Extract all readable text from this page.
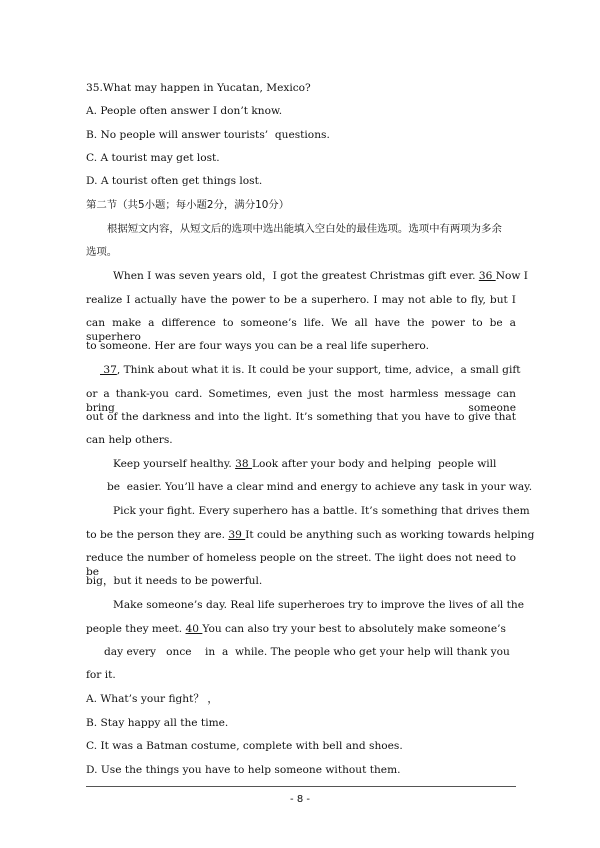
35.What may happen in Yucatan, Mexico?
A. People often answer I don’t know.
B. No people will answer tourists’  questions.
C. A tourist may get lost.
D. A tourist often get things lost.
第二节（共5小题；每小题2分，满分10分）
根据短文内容，从短文后的选项中选出能填入空白处的最佳选项。选项中有两项为多余
选项。
When I was seven years old，I got the greatest Christmas gift ever. 36 Now I
realize I actually have the power to be a superhero. I may not able to fly, but I
can make a difference to someone’s life. We all have the power to be a superhero
to someone. Her are four ways you can be a real life superhero.
37, Think about what it is. It could be your support, time, advice，a small gift
or a thank-you card. Sometimes, even just the most harmless message can bring someone
out of the darkness and into the light. It’s something that you have to give that
can help others.
Keep yourself healthy. 38 Look after your body and helping  people will
be  easier. You’ll have a clear mind and energy to achieve any task in your way.
Pick your fight. Every superhero has a battle. It’s something that drives them
to be the person they are. 39 It could be anything such as working towards helping
reduce the number of homeless people on the street. The iight does not need to be
big，but it needs to be powerful.
Make someone’s day. Real life superheroes try to improve the lives of all the
people they meet. 40 You can also try your best to absolutely make someone’s
day every   once    in  a  while. The people who get your help will thank you
for it.
A. What’s your fight？ ，
B. Stay happy all the time.
C. It was a Batman costume, complete with bell and shoes.
D. Use the things you have to help someone without them.
- 8 -
